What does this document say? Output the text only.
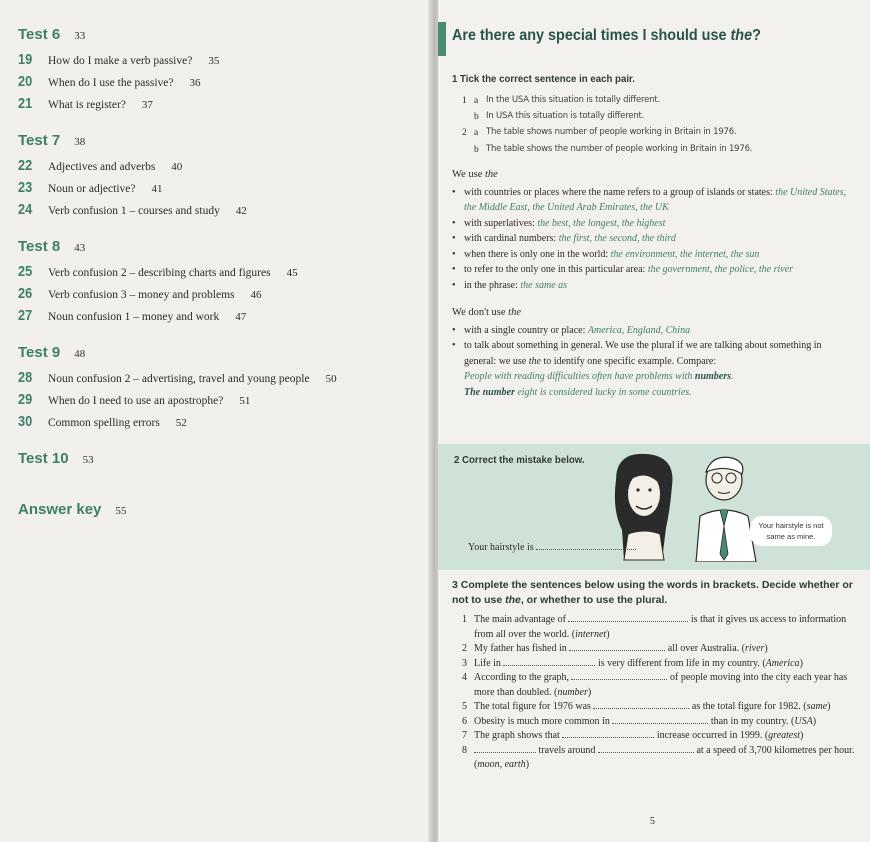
Test 6 33
19	How do I make a verb passive? 35
20	When do I use the passive? 36
21	What is register? 37
Test 7 38
22	Adjectives and adverbs 40
23	Noun or adjective? 41
24	Verb confusion 1 – courses and study 42
Test 8 43
25	Verb confusion 2 – describing charts and figures 45
26	Verb confusion 3 – money and problems 46
27	Noun confusion 1 – money and work 47
Test 9 48
28	Noun confusion 2 – advertising, travel and young people 50
29	When do I need to use an apostrophe? 51
30	Common spelling errors 52
Test 10 53
Answer key 55
Are there any special times I should use the?
1 Tick the correct sentence in each pair.
1 a In the USA this situation is totally different.
b In USA this situation is totally different.
2 a The table shows number of people working in Britain in 1976.
b The table shows the number of people working in Britain in 1976.
We use the
• with countries or places where the name refers to a group of islands or states: the United States, the Middle East, the United Arab Emirates, the UK
• with superlatives: the best, the longest, the highest
• with cardinal numbers: the first, the second, the third
• when there is only one in the world: the environment, the internet, the sun
• to refer to the only one in this particular area: the government, the police, the river
• in the phrase: the same as
We don't use the
• with a single country or place: America, England, China
• to talk about something in general. We use the plural if we are talking about something in general: we use the to identify one specific example. Compare:
People with reading difficulties often have problems with numbers.
The number eight is considered lucky in some countries.
2 Correct the mistake below.
Your hairstyle is not same as mine.
Your hairstyle is
3 Complete the sentences below using the words in brackets. Decide whether or not to use the, or whether to use the plural.
1 The main advantage of	is that it gives us access to information from all over the world. (internet)
2 My father has fished in	all over Australia. (river)
3 Life in	is very different from life in my country. (America)
4 According to the graph,	of people moving into the city each year has more than doubled. (number)
5 The total figure for 1976 was	as the total figure for 1982. (same)
6 Obesity is much more common in	than in my country. (USA)
7 The graph shows that	increase occurred in 1999. (greatest)
8	travels around	at a speed of 3,700 kilometres per hour. (moon, earth)
5
